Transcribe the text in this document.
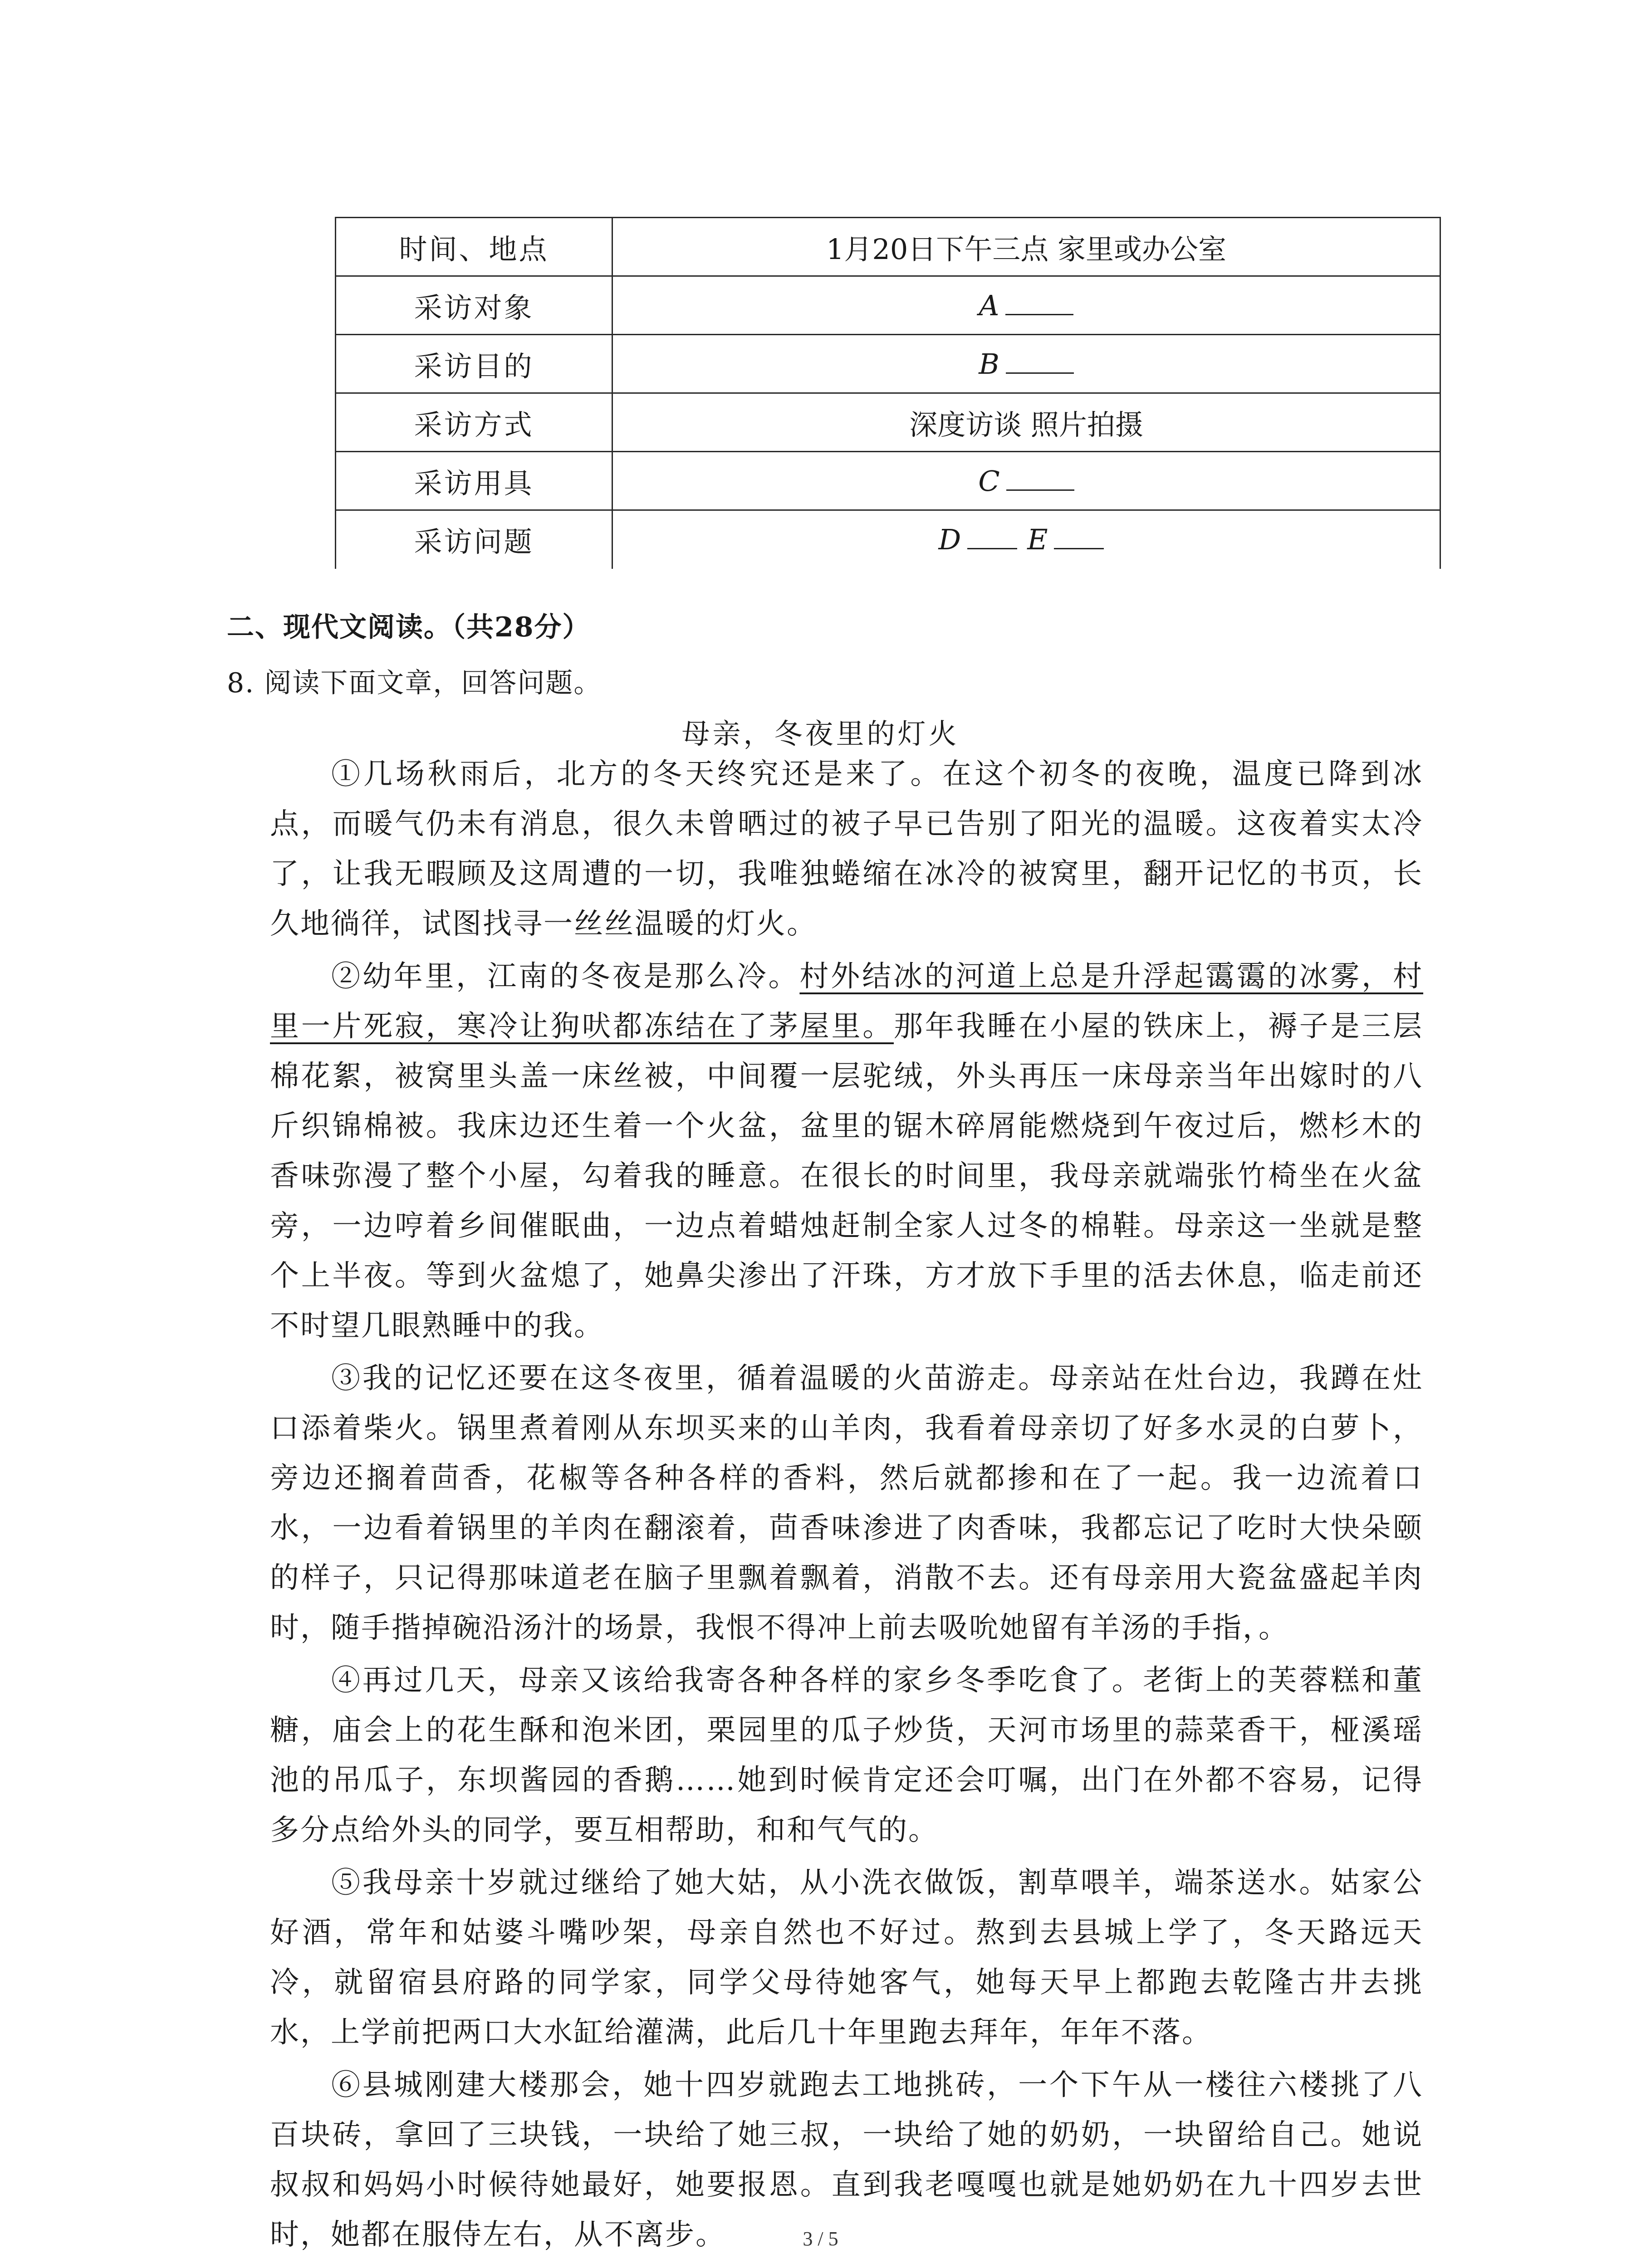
时间、地点	1月20日下午三点 家里或办公室
采访对象	A
采访目的	B
采访方式	深度访谈 照片拍摄
采访用具	C
采访问题	D E
二、现代文阅读。（共28分）
8. 阅读下面文章，回答问题。
母亲，冬夜里的灯火

①几场秋雨后，北方的冬天终究还是来了。在这个初冬的夜晚，温度已降到冰点，而暖气仍未有消息，很久未曾晒过的被子早已告别了阳光的温暖。这夜着实太冷了，让我无暇顾及这周遭的一切，我唯独蜷缩在冰冷的被窝里，翻开记忆的书页，长久地徜徉，试图找寻一丝丝温暖的灯火。

②幼年里，江南的冬夜是那么冷。村外结冰的河道上总是升浮起霭霭的冰雾，村里一片死寂，寒冷让狗吠都冻结在了茅屋里。那年我睡在小屋的铁床上，褥子是三层棉花絮，被窝里头盖一床丝被，中间覆一层驼绒，外头再压一床母亲当年出嫁时的八斤织锦棉被。我床边还生着一个火盆，盆里的锯木碎屑能燃烧到午夜过后，燃杉木的香味弥漫了整个小屋，勾着我的睡意。在很长的时间里，我母亲就端张竹椅坐在火盆旁，一边哼着乡间催眠曲，一边点着蜡烛赶制全家人过冬的棉鞋。母亲这一坐就是整个上半夜。等到火盆熄了，她鼻尖渗出了汗珠，方才放下手里的活去休息，临走前还不时望几眼熟睡中的我。

③我的记忆还要在这冬夜里，循着温暖的火苗游走。母亲站在灶台边，我蹲在灶口添着柴火。锅里煮着刚从东坝买来的山羊肉，我看着母亲切了好多水灵的白萝卜，旁边还搁着茴香，花椒等各种各样的香料，然后就都掺和在了一起。我一边流着口水，一边看着锅里的羊肉在翻滚着，茴香味渗进了肉香味，我都忘记了吃时大快朵颐的样子，只记得那味道老在脑子里飘着飘着，消散不去。还有母亲用大瓷盆盛起羊肉时，随手揩掉碗沿汤汁的场景，我恨不得冲上前去吸吮她留有羊汤的手指，。

④再过几天，母亲又该给我寄各种各样的家乡冬季吃食了。老街上的芙蓉糕和董糖，庙会上的花生酥和泡米团，栗园里的瓜子炒货，天河市场里的蒜菜香干，桠溪瑶池的吊瓜子，东坝酱园的香鹅……她到时候肯定还会叮嘱，出门在外都不容易，记得多分点给外头的同学，要互相帮助，和和气气的。

⑤我母亲十岁就过继给了她大姑，从小洗衣做饭，割草喂羊，端茶送水。姑家公好酒，常年和姑婆斗嘴吵架，母亲自然也不好过。熬到去县城上学了，冬天路远天冷，就留宿县府路的同学家，同学父母待她客气，她每天早上都跑去乾隆古井去挑水，上学前把两口大水缸给灌满，此后几十年里跑去拜年，年年不落。

⑥县城刚建大楼那会，她十四岁就跑去工地挑砖，一个下午从一楼往六楼挑了八百块砖，拿回了三块钱，一块给了她三叔，一块给了她的奶奶，一块留给自己。她说叔叔和妈妈小时候待她最好，她要报恩。直到我老嘎嘎也就是她奶奶在九十四岁去世时，她都在服侍左右，从不离步。	3 / 5
